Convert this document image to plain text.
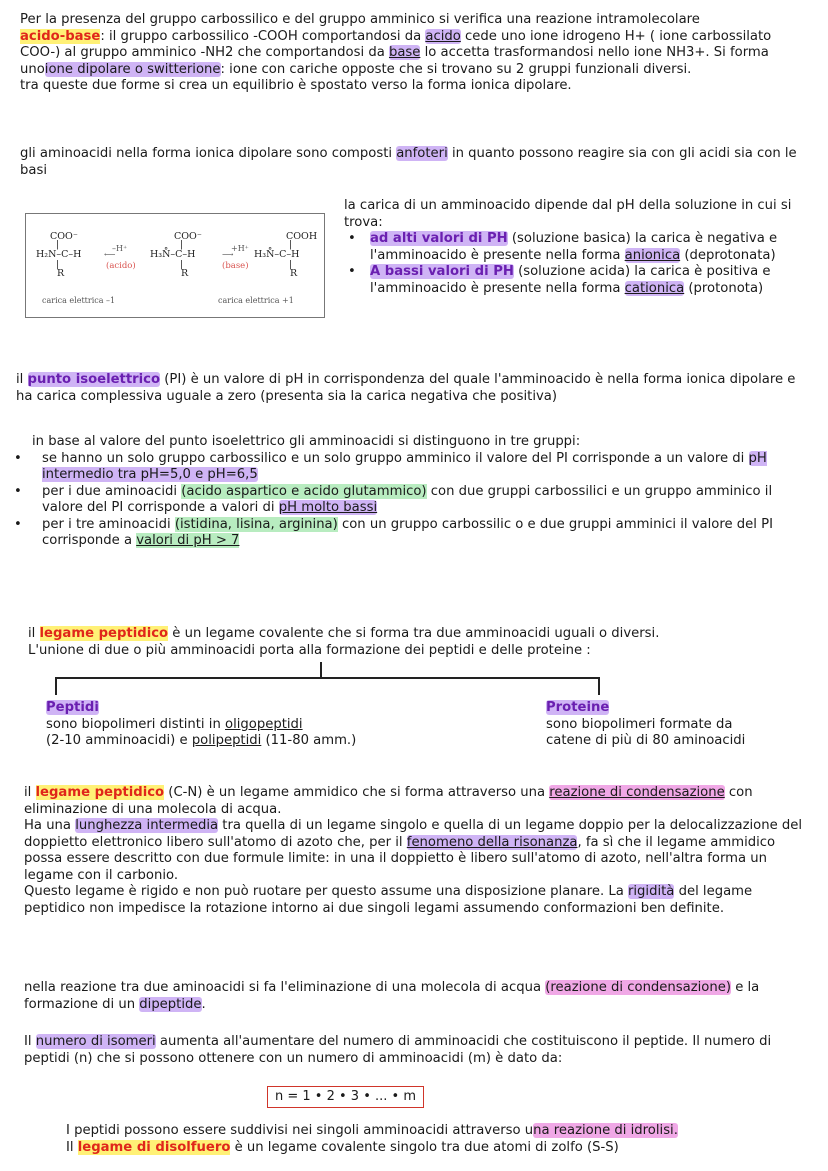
Per la presenza del gruppo carbossilico e del gruppo amminico si verifica una reazione intramolecolare
acido-base: il gruppo carbossilico -COOH comportandosi da acido cede uno ione idrogeno H+ ( ione carbossilato COO-) al gruppo amminico -NH2 che comportandosi da base lo accetta trasformandosi nello ione NH3+. Si forma unoione dipolare o switterione: ione con cariche opposte che si trovano su 2 gruppi funzionali diversi.
tra queste due forme si crea un equilibrio è spostato verso la forma ionica dipolare.

gli aminoacidi nella forma ionica dipolare sono composti anfoteri in quanto possono reagire sia con gli acidi sia con le basi

COO⁻
|
H₂N–C–H
|
R
–H⁺
⟵
(acido)
COO⁻
|
H₃N̊–C–H
|
R
+H⁺
⟶
(base)
COOH
|
H₃N̊–C–H
|
R
carica elettrica –1	carica elettrica +1

la carica di un amminoacido dipende dal pH della soluzione in cui si trova:

• ad alti valori di PH (soluzione basica) la carica è negativa e l'amminoacido è presente nella forma anionica (deprotonata)
• A bassi valori di PH (soluzione acida) la carica è positiva e l'amminoacido è presente nella forma cationica (protonota)

il punto isoelettrico (PI) è un valore di pH in corrispondenza del quale l'amminoacido è nella forma ionica dipolare e ha carica complessiva uguale a zero (presenta sia la carica negativa che positiva)

in base al valore del punto isoelettrico gli amminoacidi si distinguono in tre gruppi:

• se hanno un solo gruppo carbossilico e un solo gruppo amminico il valore del PI corrisponde a un valore di pH intermedio tra pH=5,0 e pH=6,5
• per i due aminoacidi (acido aspartico e acido glutammico) con due gruppi carbossilici e un gruppo amminico il valore del PI corrisponde a valori di pH molto bassi
• per i tre aminoacidi (istidina, lisina, arginina) con un gruppo carbossilic o e due gruppi amminici il valore del PI corrisponde a valori di pH > 7

il legame peptidico è un legame covalente che si forma tra due amminoacidi uguali o diversi.
L'unione di due o più amminoacidi porta alla formazione dei peptidi e delle proteine :

Peptidi

sono biopolimeri distinti in oligopeptidi
(2-10 amminoacidi) e polipeptidi (11-80 amm.)

Proteine

sono biopolimeri formate da
catene di più di 80 aminoacidi

il legame peptidico (C-N) è un legame ammidico che si forma attraverso una reazione di condensazione con eliminazione di una molecola di acqua.
Ha una lunghezza intermedia tra quella di un legame singolo e quella di un legame doppio per la delocalizzazione del doppietto elettronico libero sull'atomo di azoto che, per il fenomeno della risonanza, fa sì che il legame ammidico possa essere descritto con due formule limite: in una il doppietto è libero sull'atomo di azoto, nell'altra forma un legame con il carbonio.
Questo legame è rigido e non può ruotare per questo assume una disposizione planare. La rigidità del legame peptidico non impedisce la rotazione intorno ai due singoli legami assumendo conformazioni ben definite.

nella reazione tra due aminoacidi si fa l'eliminazione di una molecola di acqua (reazione di condensazione) e la formazione di un dipeptide.

Il numero di isomeri aumenta all'aumentare del numero di amminoacidi che costituiscono il peptide. Il numero di peptidi (n) che si possono ottenere con un numero di amminoacidi (m) è dato da:

n = 1 • 2 • 3 • ... • m

I peptidi possono essere suddivisi nei singoli amminoacidi attraverso una reazione di idrolisi.
Il legame di disolfuero è un legame covalente singolo tra due atomi di zolfo (S-S)
